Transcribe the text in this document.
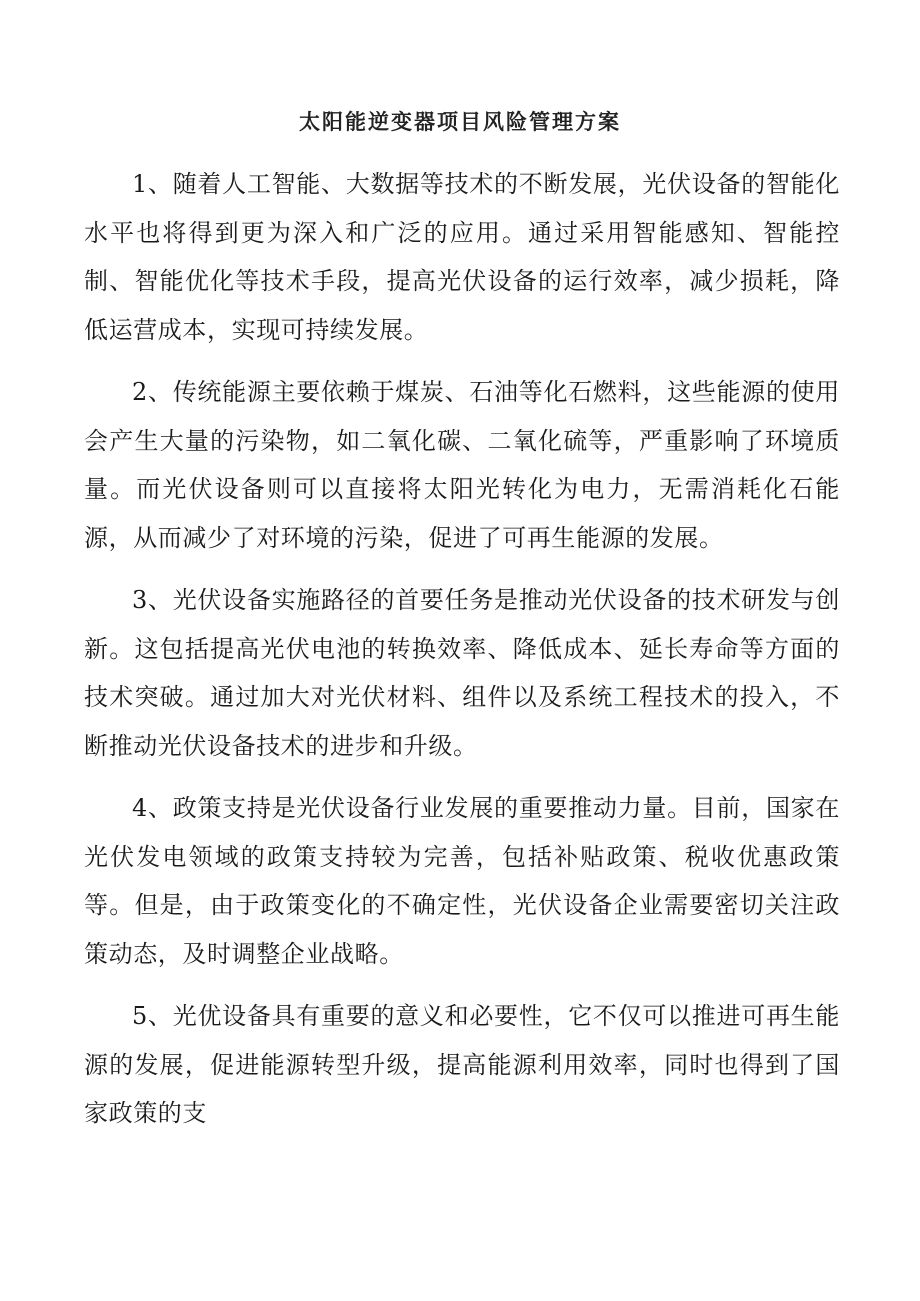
太阳能逆变器项目风险管理方案

1、随着人工智能、大数据等技术的不断发展，光伏设备的智能化水平也将得到更为深入和广泛的应用。通过采用智能感知、智能控制、智能优化等技术手段，提高光伏设备的运行效率，减少损耗，降低运营成本，实现可持续发展。

2、传统能源主要依赖于煤炭、石油等化石燃料，这些能源的使用会产生大量的污染物，如二氧化碳、二氧化硫等，严重影响了环境质量。而光伏设备则可以直接将太阳光转化为电力，无需消耗化石能源，从而减少了对环境的污染，促进了可再生能源的发展。

3、光伏设备实施路径的首要任务是推动光伏设备的技术研发与创新。这包括提高光伏电池的转换效率、降低成本、延长寿命等方面的技术突破。通过加大对光伏材料、组件以及系统工程技术的投入，不断推动光伏设备技术的进步和升级。

4、政策支持是光伏设备行业发展的重要推动力量。目前，国家在光伏发电领域的政策支持较为完善，包括补贴政策、税收优惠政策等。但是，由于政策变化的不确定性，光伏设备企业需要密切关注政策动态，及时调整企业战略。

5、光优设备具有重要的意义和必要性，它不仅可以推进可再生能源的发展，促进能源转型升级，提高能源利用效率，同时也得到了国家政策的支
